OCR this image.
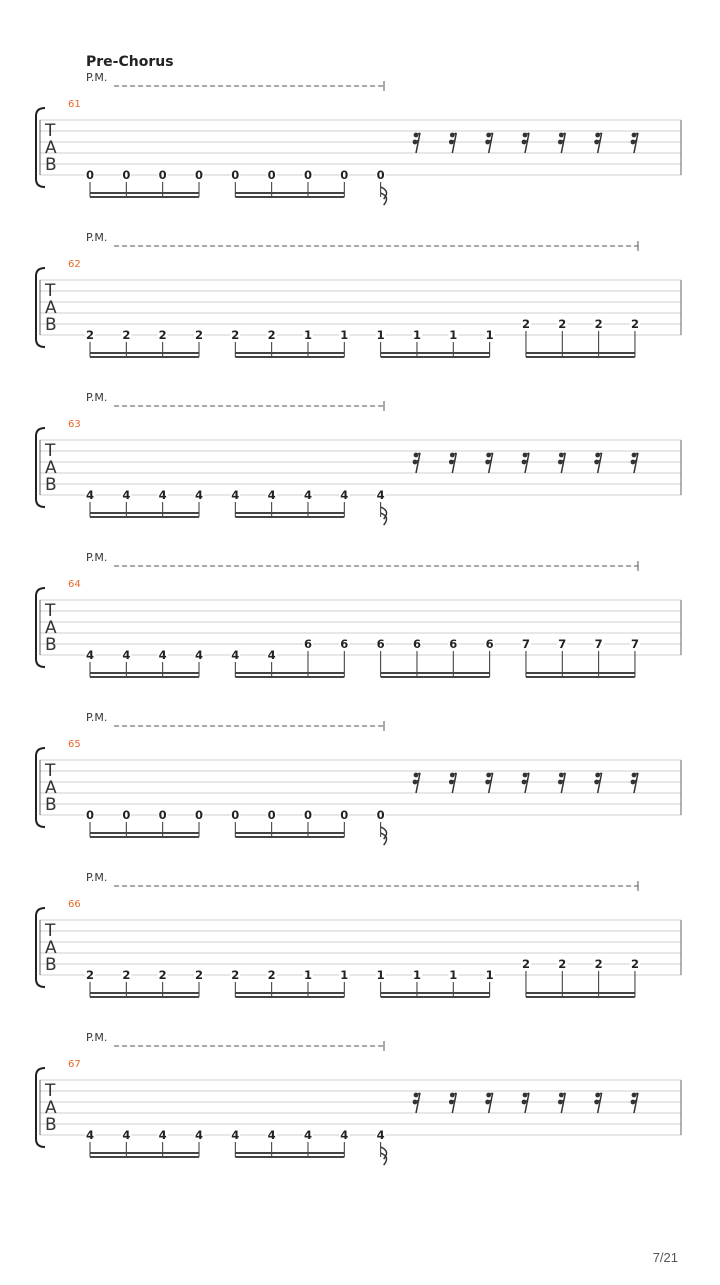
Pre-Chorus
P.M.
61
T
A
B	0 0 0 0 0 0 0 0 0
P.M.
62
T
A
B	2 2 2 2 2 2 1 1 1 1 1 1
2 2 2 2
P.M.
63
T
A
B	4 4 4 4 4 4 4 4 4
P.M.
64
T
A
B	4 4 4 4 4 4
6 6 6 6 6 6 7 7 7 7
P.M.
65
T
A
B	0 0 0 0 0 0 0 0 0
P.M.
66
T
A
B	2 2 2 2 2 2 1 1 1 1 1 1
2 2 2 2
P.M.
67
T
A
B	4 4 4 4 4 4 4 4 4
7/21
